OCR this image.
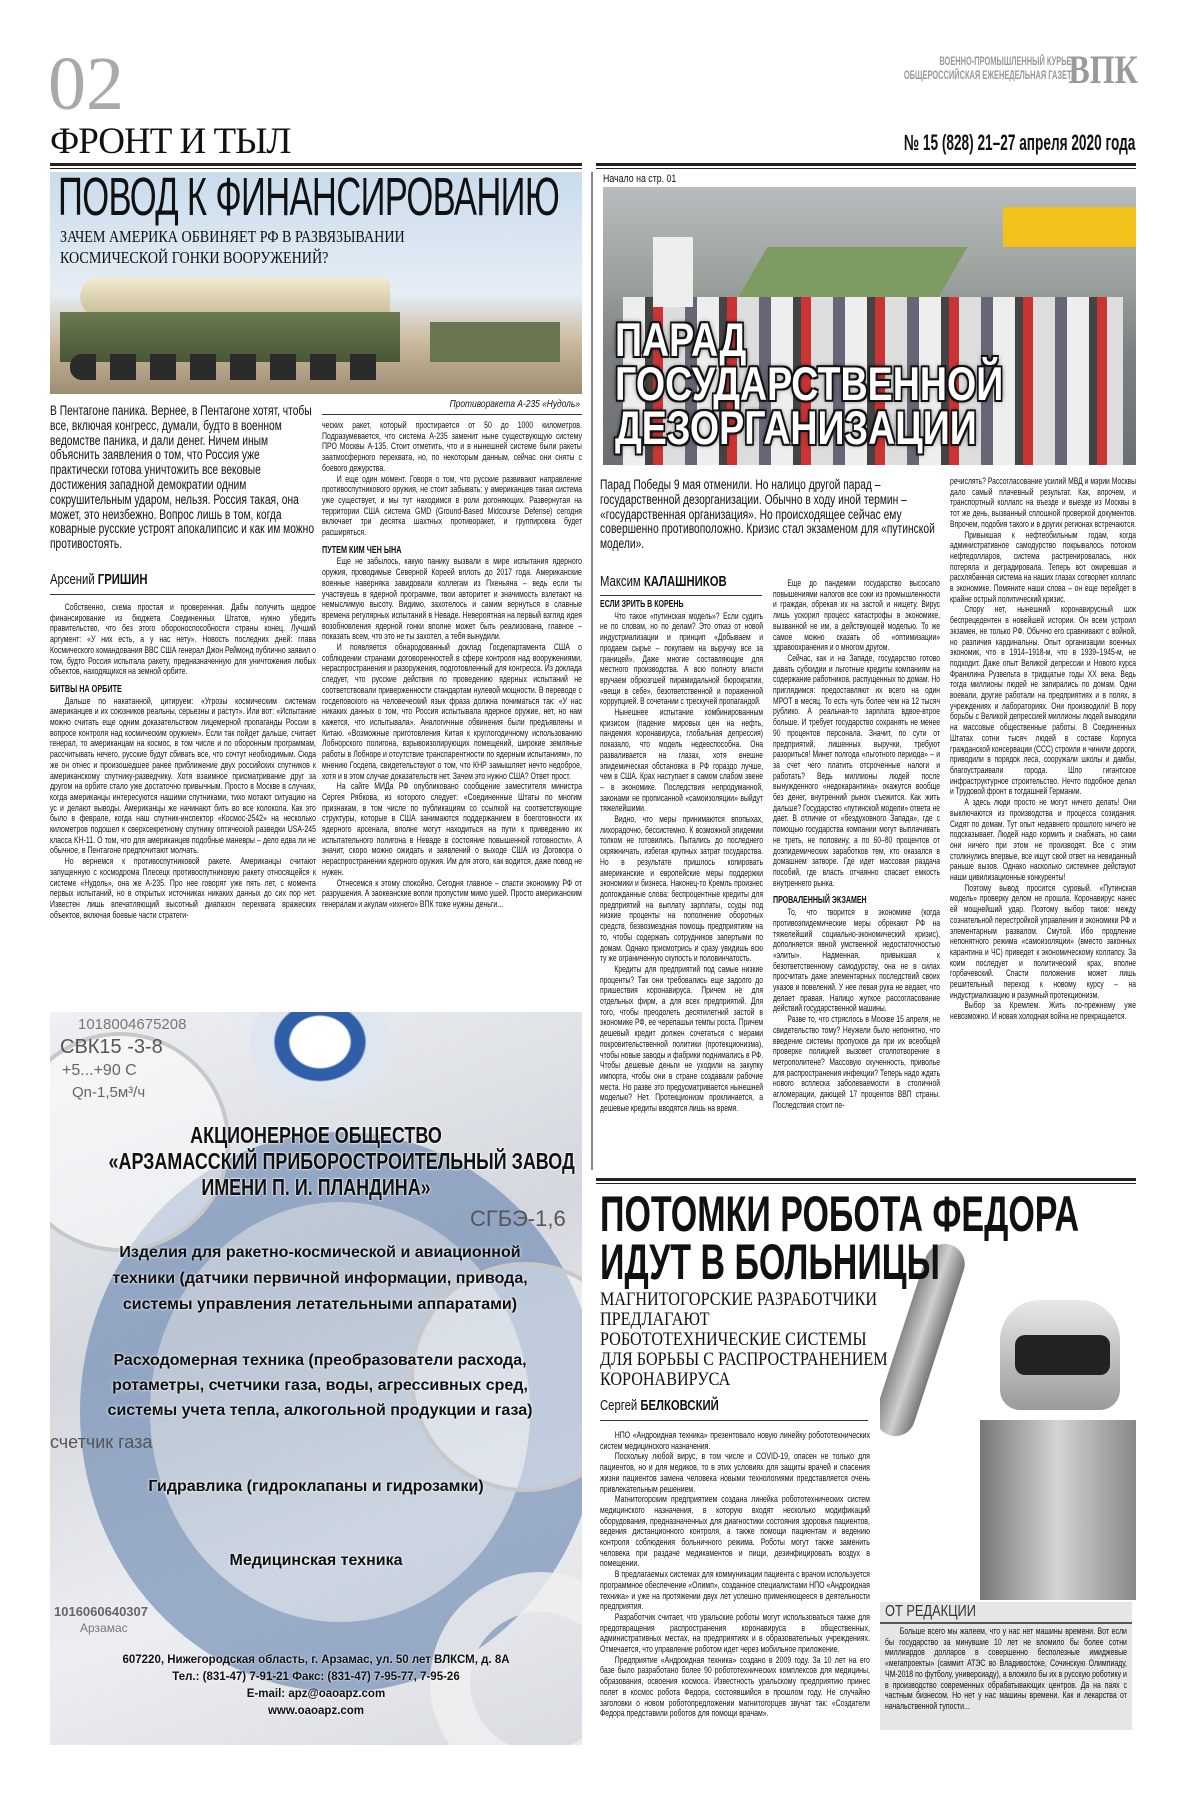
02
ФРОНТ И ТЫЛ
ВОЕННО-ПРОМЫШЛЕННЫЙ КУРЬЕР
ОБЩЕРОССИЙСКАЯ ЕЖЕНЕДЕЛЬНАЯ ГАЗЕТА
ВПК
№ 15 (828) 21–27 апреля 2020 года
ПОВОД К ФИНАНСИРОВАНИЮ
ЗАЧЕМ АМЕРИКА ОБВИНЯЕТ РФ В РАЗВЯЗЫВАНИИ КОСМИЧЕСКОЙ ГОНКИ ВООРУЖЕНИЙ?
Противоракета А-235 «Нудоль»
В Пентагоне паника. Вернее, в Пентагоне хотят, чтобы все, включая конгресс, думали, будто в военном ведомстве паника, и дали денег. Ничем иным объяснить заявления о том, что Россия уже практически готова уничтожить все вековые достижения западной демократии одним сокрушительным ударом, нельзя. Россия такая, она может, это неизбежно. Вопрос лишь в том, когда коварные русские устроят апокалипсис и как им можно противостоять.
Арсений ГРИШИН

Собственно, схема простая и проверенная. Дабы получить щедрое финансирование из бюджета Соединенных Штатов, нужно убедить правительство, что без этого обороноспособности страны конец. Лучший аргумент: «У них есть, а у нас нету». Новость последних дней: глава Космического командования ВВС США генерал Джон Реймонд публично заявил о том, будто Россия испытала ракету, предназначенную для уничтожения любых объектов, находящихся на земной орбите.

БИТВЫ НА ОРБИТЕ

Дальше по накатанной, цитируем: «Угрозы космическим системам американцев и их союзников реальны, серьезны и растут». Или вот: «Испытание можно считать еще одним доказательством лицемерной пропаганды России в вопросе контроля над космическим оружием». Если так пойдет дальше, считает генерал, то американцам на космос, в том числе и по оборонным программам, рассчитывать нечего, русские будут сбивать все, что сочтут необходимым. Сюда же он отнес и произошедшее ранее приближение двух российских спутников к американскому спутнику-разведчику. Хотя взаимное присматривание друг за другом на орбите стало уже достаточно привычным. Просто в Москве в случаях, когда американцы интересуются нашими спутниками, тихо мотают ситуацию на ус и делают выводы. Американцы же начинают бить во все колокола. Как это было в феврале, когда наш спутник-инспектор «Космос-2542» на несколько километров подошел к сверхсекретному спутнику оптической разведки USA-245 класса KH-11. О том, что для американцев подобные маневры – дело едва ли не обычное, в Пентагоне предпочитают молчать.

Но вернемся к противоспутниковой ракете. Американцы считают запущенную с космодрома Плесецк противоспутниковую ракету относящейся к системе «Нудоль», она же А-235. Про нее говорят уже пять лет, с момента первых испытаний, но в открытых источниках никаких данных до сих пор нет. Известен лишь впечатляющий высотный диапазон перехвата вражеских объектов, включая боевые части стратеги-

ческих ракет, который простирается от 50 до 1000 километров. Подразумевается, что система А-235 заменит ныне существующую систему ПРО Москвы А-135. Стоит отметить, что и в нынешней системе были ракеты заатмосферного перехвата, но, по некоторым данным, сейчас они сняты с боевого дежурства.

И еще один момент. Говоря о том, что русские развивают направление противоспутникового оружия, не стоит забывать: у американцев такая система уже существует, и мы тут находимся в роли догоняющих. Развернутая на территории США система GMD (Ground-Based Midcourse Defense) сегодня включает три десятка шахтных противоракет, и группировка будет расширяться.

ПУТЕМ КИМ ЧЕН ЫНА

Еще не забылось, какую панику вызвали в мире испытания ядерного оружия, проводимые Северной Кореей вплоть до 2017 года. Американские военные наверняка завидовали коллегам из Пхеньяна – ведь если ты участвуешь в ядерной программе, твои авторитет и значимость взлетают на немыслимую высоту. Видимо, захотелось и самим вернуться в славные времена регулярных испытаний в Неваде. Невероятная на первый взгляд идея возобновления ядерной гонки вполне может быть реализована, главное – показать всем, что это не ты захотел, а тебя вынудили.

И появляется обнародованный доклад Госдепартамента США о соблюдении странами договоренностей в сфере контроля над вооружениями, нераспространения и разоружения, подготовленный для конгресса. Из доклада следует, что русские действия по проведению ядерных испытаний не соответствовали приверженности стандартам нулевой мощности. В переводе с госдеповского на человеческий язык фраза должна пониматься так: «У нас никаких данных о том, что Россия испытывала ядерное оружие, нет, но нам кажется, что испытывала». Аналогичные обвинения были предъявлены и Китаю. «Возможные приготовления Китая к круглогодичному использованию Лобнорского полигона, взрывоизолирующих помещений, широкие земляные работы в Лобноре и отсутствие транспарентности по ядерным испытаниям», по мнению Госдепа, свидетельствуют о том, что КНР замышляет нечто недоброе, хотя и в этом случае доказательств нет. Зачем это нужно США? Ответ прост.

На сайте МИДа РФ опубликовано сообщение заместителя министра Сергея Рябкова, из которого следует: «Соединенные Штаты по многим признакам, в том числе по публикациям со ссылкой на соответствующие структуры, которые в США занимаются поддержанием в боеготовности их ядерного арсенала, вполне могут находиться на пути к приведению их испытательного полигона в Неваде в состояние повышенной готовности». А значит, скоро можно ожидать и заявлений о выходе США из Договора о нераспространении ядерного оружия. Им для этого, как водится, даже повод не нужен.

Отнесемся к этому спокойно. Сегодня главное – спасти экономику РФ от разрушения. А заокеанские вопли пропустим мимо ушей. Просто американским генералам и акулам «ихнего» ВПК тоже нужны деньги...

1018004675208
СВК15 -3-8
+5...+90 С
Qn-1,5м³/ч
СГБЭ-1,6
счетчик газа
1016060640307
Арзамас
АКЦИОНЕРНОЕ ОБЩЕСТВО
«АРЗАМАССКИЙ ПРИБОРОСТРОИТЕЛЬНЫЙ ЗАВОД
ИМЕНИ П. И. ПЛАНДИНА»
Изделия для ракетно-космической и авиационной техники (датчики первичной информации, привода, системы управления летательными аппаратами)
Расходомерная техника (преобразователи расхода, ротаметры, счетчики газа, воды, агрессивных сред, системы учета тепла, алкогольной продукции и газа)
Гидравлика (гидроклапаны и гидрозамки)
Медицинская техника
607220, Нижегородская область, г. Арзамас, ул. 50 лет ВЛКСМ, д. 8А
Тел.: (831-47) 7-91-21 Факс: (831-47) 7-95-77, 7-95-26
E-mail: apz@oaoapz.com
www.oaoapz.com
Начало на стр. 01
ПАРАД
ГОСУДАРСТВЕННОЙ
ДЕЗОРГАНИЗАЦИИ
Парад Победы 9 мая отменили. Но налицо другой парад – государственной дезорганизации. Обычно в ходу иной термин – «государственная организация». Но происходящее сейчас ему совершенно противоположно. Кризис стал экзаменом для «путинской модели».
Максим КАЛАШНИКОВ
ЕСЛИ ЗРИТЬ В КОРЕНЬ

Что такое «путинская модель»? Если судить не по словам, но по делам? Это отказ от новой индустриализации и принцип «Добываем и продаем сырье – покупаем на выручку все за границей». Даже многие составляющие для местного производства. А всю полноту власти вручаем обрюзгшей пирамидальной бюрократии, «вещи в себе», безответственной и пораженной коррупцией. В сочетании с трескучей пропагандой.

Нынешнее испытание комбинированным кризисом (падение мировых цен на нефть, пандемия коронавируса, глобальная депрессия) показало, что модель недееспособна. Она разваливается на глазах, хотя внешне эпидемическая обстановка в РФ гораздо лучше, чем в США. Крах наступает в самом слабом звене – в экономике. Последствия непродуманной, законами не прописанной «самоизоляции» выйдут тяжелейшими.

Видно, что меры принимаются впопыхах, лихорадочно, бессистемно. К возможной эпидемии толком не готовились. Пытались до последнего скряжничать, избегая крупных затрат государства. Но в результате пришлось копировать американские и европейские меры поддержки экономики и бизнеса. Наконец-то Кремль произнес долгожданные слова: беспроцентные кредиты для предприятий на выплату зарплаты, ссуды под низкие проценты на пополнение оборотных средств, безвозмездная помощь предприятиям на то, чтобы содержать сотрудников запертыми по домам. Однако присмотрись и сразу увидишь всю ту же ограниченную скупость и половинчатость.

Кредиты для предприятий под самые низкие проценты? Так они требовались еще задолго до пришествия коронавируса. Причем не для отдельных фирм, а для всех предприятий. Для того, чтобы преодолеть десятилетний застой в экономике РФ, ее черепашьи темпы роста. Причем дешевый кредит должен сочетаться с мерами покровительственной политики (протекционизма), чтобы новые заводы и фабрики поднимались в РФ. Чтобы дешевые деньги не уходили на закупку импорта, чтобы они в стране создавали рабочие места. Но разве это предусматривается нынешней моделью? Нет. Протекционизм проклинается, а дешевые кредиты вводятся лишь на время.

Еще до пандемии государство высосало повышениями налогов все соки из промышленности и граждан, обрекая их на застой и нищету. Вирус лишь ускорил процесс катастрофы в экономике, вызванной не им, а действующей моделью. То же самое можно сказать об «оптимизации» здравоохранения и о многом другом.

Сейчас, как и на Западе, государство готово давать субсидии и льготные кредиты компаниям на содержание работников, распущенных по домам. Но приглядимся: предоставляют их всего на один МРОТ в месяц. То есть чуть более чем на 12 тысяч рублико. А реальная-то зарплата вдвое-втрое больше. И требует государство сохранять не менее 90 процентов персонала. Значит, по сути от предприятий, лишенных выручки, требуют разориться! Минет полгода «льготного периода» – и за счет чего платить отсроченные налоги и работать? Ведь миллионы людей после вынужденного «недокарантина» окажутся вообще без денег, внутренний рынок съежится. Как жить дальше? Государство «путинской модели» ответа не дает. В отличие от «бездуховного Запада», где с помощью государства компании могут выплачивать не треть, не половину, а по 60–80 процентов от доэпидемических заработков тем, кто оказался в домашнем затворе. Где идет массовая раздача пособий, где власть отчаянно спасает емкость внутреннего рынка.

ПРОВАЛЕННЫЙ ЭКЗАМЕН

То, что творится в экономике (когда противоэпидемические меры обрекают РФ на тяжелейший социально-экономический кризис), дополняется явной умственной недостаточностью «элиты». Надменная, привыкшая к безответственному самодурству, она не в силах просчитать даже элементарных последствий своих указов и повелений. У нее левая рука не ведает, что делает правая. Налицо жуткое рассогласование действий государственной машины.

Разве то, что стряслось в Москве 15 апреля, не свидетельство тому? Неужели было непонятно, что введение системы пропусков да при их всеобщей проверке полицией вызовет столпотворение в метрополитене? Массовую скученность, приволье для распространения инфекции? Теперь надо ждать нового всплеска заболеваемости в столичной агломерации, дающей 17 процентов ВВП страны. Последствия стоит пе-

речислять? Рассогласование усилий МВД и мэрии Москвы дало самый плачевный результат. Как, впрочем, и транспортный коллапс на въезде и выезде из Москвы в тот же день, вызванный сплошной проверкой документов. Впрочем, подобия такого и в других регионах встречаются.

Привыкшая к нефтеобильным годам, когда административное самодурство покрывалось потоком нефтедолларов, система растренировалась, нюх потеряла и деградировала. Теперь вот ожиревшая и расхлябанная система на наших глазах сотворяет коллапс в экономике. Помяните наши слова – он еще перейдет в крайне острый политический кризис.

Спору нет, нынешний коронавирусный шок беспрецедентен в новейшей истории. Он всем устроил экзамен, не только РФ. Обычно его сравнивают с войной, но различия кардинальны. Опыт организации военных экономик, что в 1914–1918-м, что в 1939–1945-м, не подходит. Даже опыт Великой депрессии и Нового курса Франклина Рузвельта в тридцатые годы XX века. Ведь тогда миллионы людей не запирались по домам. Одни воевали, другие работали на предприятиях и в полях, в учреждениях и лабораториях. Они производили! В пору борьбы с Великой депрессией миллионы людей выводили на массовые общественные работы. В Соединенных Штатах сотни тысяч людей в составе Корпуса гражданской консервации (ССС) строили и чинили дороги, приводили в порядок леса, сооружали школы и дамбы, благоустраивали города. Шло гигантское инфраструктурное строительство. Нечто подобное делал и Трудовой фронт в тогдашней Германии.

А здесь люди просто не могут ничего делать! Они выключаются из производства и процесса созидания. Сидят по домам. Тут опыт недавнего прошлого ничего не подсказывает. Людей надо кормить и снабжать, но сами они ничего при этом не производят. Все с этим столкнулись впервые, все ищут свой ответ на невиданный раньше вызов. Однако насколько системнее действуют наши цивилизационные конкуренты!

Поэтому вывод просится суровый. «Путинская модель» проверку делом не прошла. Коронавирус нанес ей мощнейший удар. Поэтому выбор таков: между сознательной перестройкой управления и экономики РФ и элементарным развалом. Смутой. Ибо продление непонятного режима «самоизоляции» (вместо законных карантина и ЧС) приведет к экономическому коллапсу. За коим последует и политический крах, вполне горбачевский. Спасти положение может лишь решительный переход к новому курсу – на индустриализацию и разумный протекционизм.

Выбор за Кремлем. Жить по-прежнему уже невозможно. И новая холодная война не прекращается.

ПОТОМКИ РОБОТА ФЕДОРА ИДУТ В БОЛЬНИЦЫ
МАГНИТОГОРСКИЕ РАЗРАБОТЧИКИ ПРЕДЛАГАЮТ РОБОТОТЕХНИЧЕСКИЕ СИСТЕМЫ ДЛЯ БОРЬБЫ С РАСПРОСТРАНЕНИЕМ КОРОНАВИРУСА
Сергей БЕЛКОВСКИЙ

НПО «Андроидная техника» презентовало новую линейку робототехнических систем медицинского назначения.

Поскольку любой вирус, в том числе и COVID-19, опасен не только для пациентов, но и для медиков, то в этих условиях для защиты врачей и спасения жизни пациентов замена человека новыми технологиями представляется очень привлекательным решением.

Магнитогорским предприятием создана линейка робототехнических систем медицинского назначения, в которую входят несколько модификаций оборудования, предназначенных для диагностики состояния здоровья пациентов, ведения дистанционного контроля, а также помощи пациентам и ведению контроля соблюдения больничного режима. Роботы могут также заменить человека при раздаче медикаментов и пищи, дезинфицировать воздух в помещении.

В предлагаемых системах для коммуникации пациента с врачом используется программное обеспечение «Олимп», созданное специалистами НПО «Андроидная техника» и уже на протяжении двух лет успешно применяющееся в деятельности предприятия.

Разработчик считает, что уральские роботы могут использоваться также для предотвращения распространения коронавируса в общественных, административных местах, на предприятиях и в образовательных учреждениях. Отмечается, что управление роботом идет через мобильное приложение.

Предприятие «Андроидная техника» создано в 2009 году. За 10 лет на его базе было разработано более 90 робототехнических комплексов для медицины, образования, освоения космоса. Известность уральскому предприятию принес полет в космос робота Федора, состоявшийся в прошлом году. Не случайно заголовки о новом роботопредложении магнитогорцев звучат так: «Создатели Федора представили роботов для помощи врачам».

ОТ РЕДАКЦИИ

Больше всего мы жалеем, что у нас нет машины времени. Вот если бы государство за минувшие 10 лет не вломило бы более сотни миллиардов долларов в совершенно бесполезные имиджевые «мегапроекты» (саммит АТЭС во Владивостоке, Сочинскую Олимпиаду, ЧМ-2018 по футболу, универсиаду), а вложило бы их в русскую роботику и в производство современных обрабатывающих центров. Да на паях с частным бизнесом. Но нет у нас машины времени. Как и лекарства от начальственной тупости...
